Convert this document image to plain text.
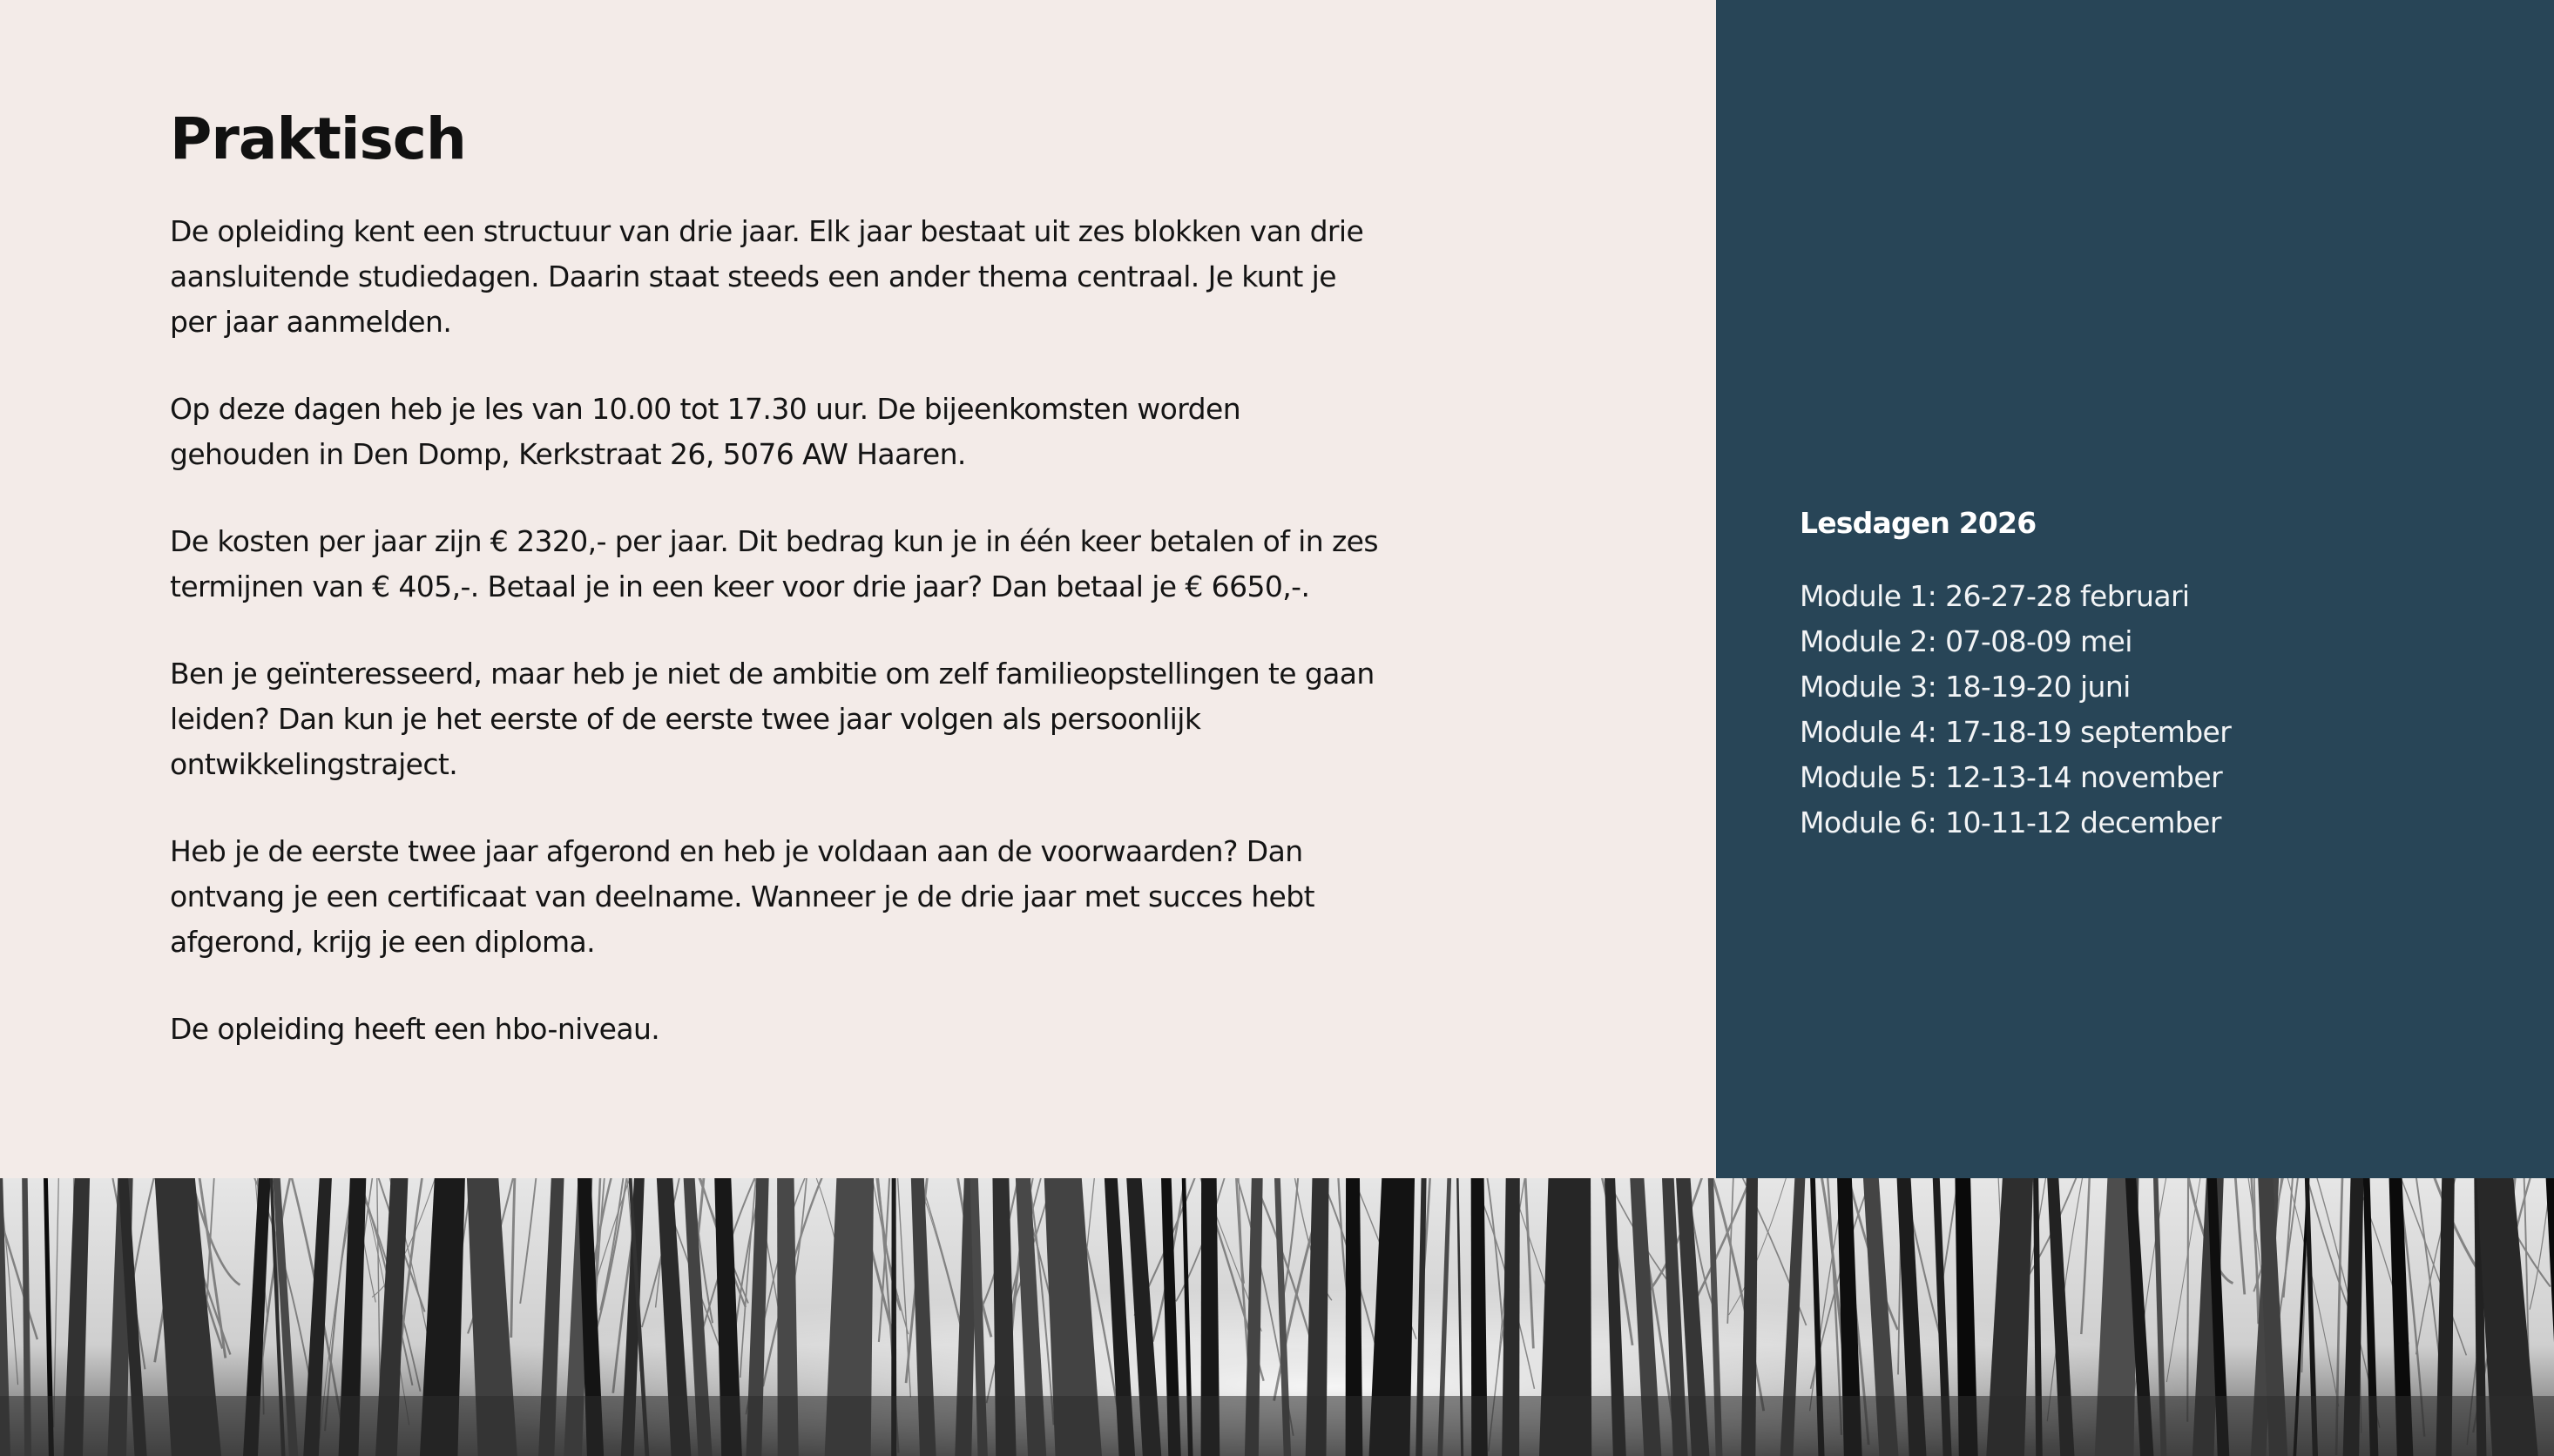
Praktisch

De opleiding kent een structuur van drie jaar. Elk jaar bestaat uit zes blokken van drie aansluitende studiedagen. Daarin staat steeds een ander thema centraal. Je kunt je per jaar aanmelden.

Op deze dagen heb je les van 10.00 tot 17.30 uur. De bijeenkomsten worden gehouden in Den Domp, Kerkstraat 26, 5076 AW Haaren.

De kosten per jaar zijn € 2320,- per jaar. Dit bedrag kun je in één keer betalen of in zes termijnen van € 405,-. Betaal je in een keer voor drie jaar? Dan betaal je € 6650,-.

Ben je geïnteresseerd, maar heb je niet de ambitie om zelf familieopstellingen te gaan leiden? Dan kun je het eerste of de eerste twee jaar volgen als persoonlijk ontwikkelingstraject.

Heb je de eerste twee jaar afgerond en heb je voldaan aan de voorwaarden? Dan ontvang je een certificaat van deelname. Wanneer je de drie jaar met succes hebt afgerond, krijg je een diploma.

De opleiding heeft een hbo-niveau.

Lesdagen 2026
Module 1: 26-27-28 februari
Module 2: 07-08-09 mei
Module 3: 18-19-20 juni
Module 4: 17-18-19 september
Module 5: 12-13-14 november
Module 6: 10-11-12 december
